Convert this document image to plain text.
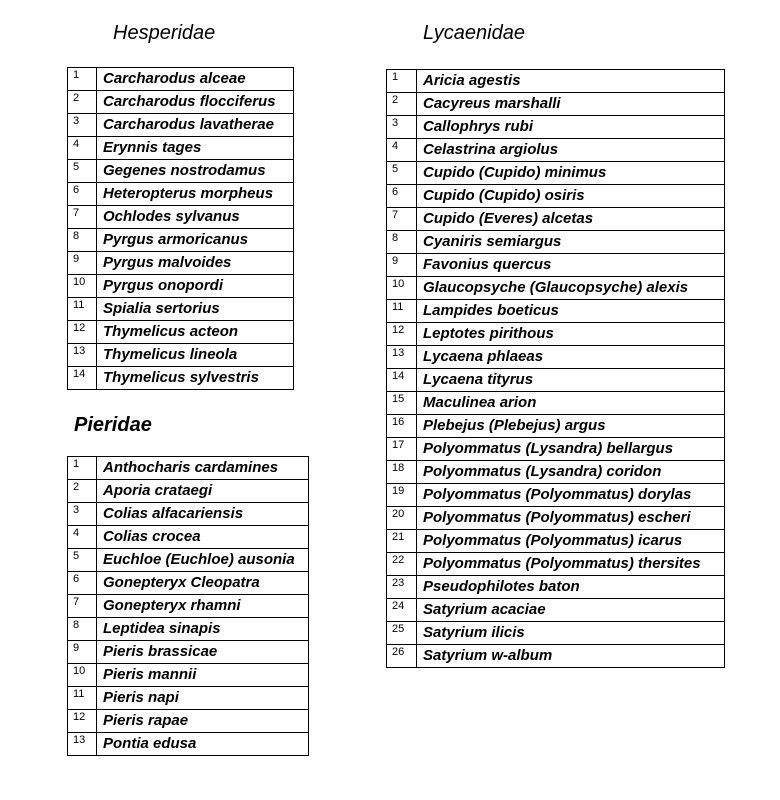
Hesperidae	Lycaenidae
Pieridae
1	Carcharodus alceae
2	Carcharodus flocciferus
3	Carcharodus lavatherae
4	Erynnis tages
5	Gegenes nostrodamus
6	Heteropterus morpheus
7	Ochlodes sylvanus
8	Pyrgus armoricanus
9	Pyrgus malvoides
10	Pyrgus onopordi
11	Spialia sertorius
12	Thymelicus acteon
13	Thymelicus lineola
14	Thymelicus sylvestris
1	Anthocharis cardamines
2	Aporia crataegi
3	Colias alfacariensis
4	Colias crocea
5	Euchloe (Euchloe) ausonia
6	Gonepteryx Cleopatra
7	Gonepteryx rhamni
8	Leptidea sinapis
9	Pieris brassicae
10	Pieris mannii
11	Pieris napi
12	Pieris rapae
13	Pontia edusa
1	Aricia agestis
2	Cacyreus marshalli
3	Callophrys rubi
4	Celastrina argiolus
5	Cupido (Cupido) minimus
6	Cupido (Cupido) osiris
7	Cupido (Everes) alcetas
8	Cyaniris semiargus
9	Favonius quercus
10	Glaucopsyche (Glaucopsyche) alexis
11	Lampides boeticus
12	Leptotes pirithous
13	Lycaena phlaeas
14	Lycaena tityrus
15	Maculinea arion
16	Plebejus (Plebejus) argus
17	Polyommatus (Lysandra) bellargus
18	Polyommatus (Lysandra) coridon
19	Polyommatus (Polyommatus) dorylas
20	Polyommatus (Polyommatus) escheri
21	Polyommatus (Polyommatus) icarus
22	Polyommatus (Polyommatus) thersites
23	Pseudophilotes baton
24	Satyrium acaciae
25	Satyrium ilicis
26	Satyrium w-album
